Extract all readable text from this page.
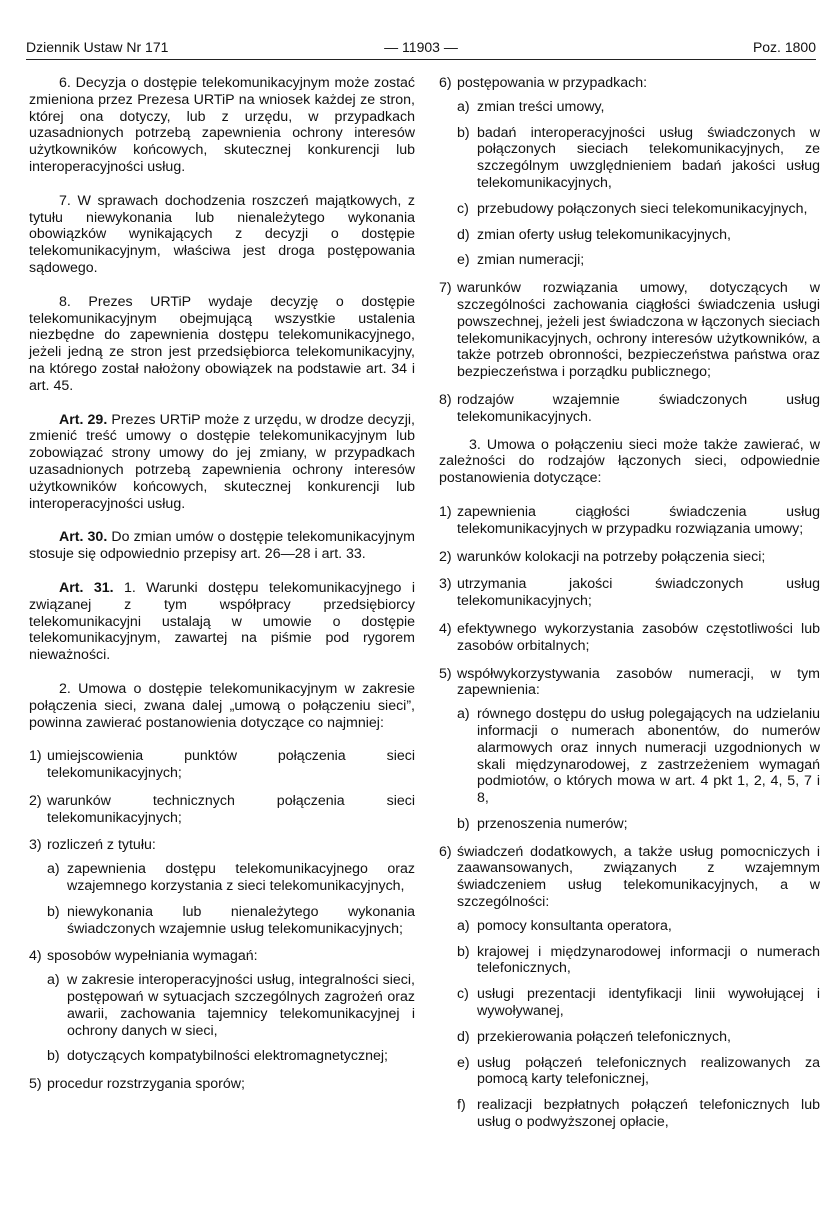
Dziennik Ustaw Nr 171	— 11903 —	Poz. 1800

6. Decyzja o dostępie telekomunikacyjnym może zostać zmieniona przez Prezesa URTiP na wniosek każdej ze stron, której ona dotyczy, lub z urzędu, w przypadkach uzasadnionych potrzebą zapewnienia ochrony interesów użytkowników końcowych, skutecznej konkurencji lub interoperacyjności usług.

7. W sprawach dochodzenia roszczeń majątkowych, z tytułu niewykonania lub nienależytego wykonania obowiązków wynikających z decyzji o dostępie telekomunikacyjnym, właściwa jest droga postępowania sądowego.

8. Prezes URTiP wydaje decyzję o dostępie telekomunikacyjnym obejmującą wszystkie ustalenia niezbędne do zapewnienia dostępu telekomunikacyjnego, jeżeli jedną ze stron jest przedsiębiorca telekomunikacyjny, na którego został nałożony obowiązek na podstawie art. 34 i art. 45.

Art. 29. Prezes URTiP może z urzędu, w drodze decyzji, zmienić treść umowy o dostępie telekomunikacyjnym lub zobowiązać strony umowy do jej zmiany, w przypadkach uzasadnionych potrzebą zapewnienia ochrony interesów użytkowników końcowych, skutecznej konkurencji lub interoperacyjności usług.

Art. 30. Do zmian umów o dostępie telekomunikacyjnym stosuje się odpowiednio przepisy art. 26—28 i art. 33.

Art. 31. 1. Warunki dostępu telekomunikacyjnego i związanej z tym współpracy przedsiębiorcy telekomunikacyjni ustalają w umowie o dostępie telekomunikacyjnym, zawartej na piśmie pod rygorem nieważności.

2. Umowa o dostępie telekomunikacyjnym w zakresie połączenia sieci, zwana dalej „umową o połączeniu sieci”, powinna zawierać postanowienia dotyczące co najmniej:

1) umiejscowienia punktów połączenia sieci telekomunikacyjnych;
2) warunków technicznych połączenia sieci telekomunikacyjnych;
3) rozliczeń z tytułu:
a) zapewnienia dostępu telekomunikacyjnego oraz wzajemnego korzystania z sieci telekomunikacyjnych,
b) niewykonania lub nienależytego wykonania świadczonych wzajemnie usług telekomunikacyjnych;
4) sposobów wypełniania wymagań:
a) w zakresie interoperacyjności usług, integralności sieci, postępowań w sytuacjach szczególnych zagrożeń oraz awarii, zachowania tajemnicy telekomunikacyjnej i ochrony danych w sieci,
b) dotyczących kompatybilności elektromagnetycznej;
5) procedur rozstrzygania sporów;
6) postępowania w przypadkach:
a) zmian treści umowy,
b) badań interoperacyjności usług świadczonych w połączonych sieciach telekomunikacyjnych, ze szczególnym uwzględnieniem badań jakości usług telekomunikacyjnych,
c) przebudowy połączonych sieci telekomunikacyjnych,
d) zmian oferty usług telekomunikacyjnych,
e) zmian numeracji;
7) warunków rozwiązania umowy, dotyczących w szczególności zachowania ciągłości świadczenia usługi powszechnej, jeżeli jest świadczona w łączonych sieciach telekomunikacyjnych, ochrony interesów użytkowników, a także potrzeb obronności, bezpieczeństwa państwa oraz bezpieczeństwa i porządku publicznego;
8) rodzajów wzajemnie świadczonych usług telekomunikacyjnych.

3. Umowa o połączeniu sieci może także zawierać, w zależności do rodzajów łączonych sieci, odpowiednie postanowienia dotyczące:

1) zapewnienia ciągłości świadczenia usług telekomunikacyjnych w przypadku rozwiązania umowy;
2) warunków kolokacji na potrzeby połączenia sieci;
3) utrzymania jakości świadczonych usług telekomunikacyjnych;
4) efektywnego wykorzystania zasobów częstotliwości lub zasobów orbitalnych;
5) współwykorzystywania zasobów numeracji, w tym zapewnienia:
a) równego dostępu do usług polegających na udzielaniu informacji o numerach abonentów, do numerów alarmowych oraz innych numeracji uzgodnionych w skali międzynarodowej, z zastrzeżeniem wymagań podmiotów, o których mowa w art. 4 pkt 1, 2, 4, 5, 7 i 8,
b) przenoszenia numerów;
6) świadczeń dodatkowych, a także usług pomocniczych i zaawansowanych, związanych z wzajemnym świadczeniem usług telekomunikacyjnych, a w szczególności:
a) pomocy konsultanta operatora,
b) krajowej i międzynarodowej informacji o numerach telefonicznych,
c) usługi prezentacji identyfikacji linii wywołującej i wywoływanej,
d) przekierowania połączeń telefonicznych,
e) usług połączeń telefonicznych realizowanych za pomocą karty telefonicznej,
f) realizacji bezpłatnych połączeń telefonicznych lub usług o podwyższonej opłacie,
